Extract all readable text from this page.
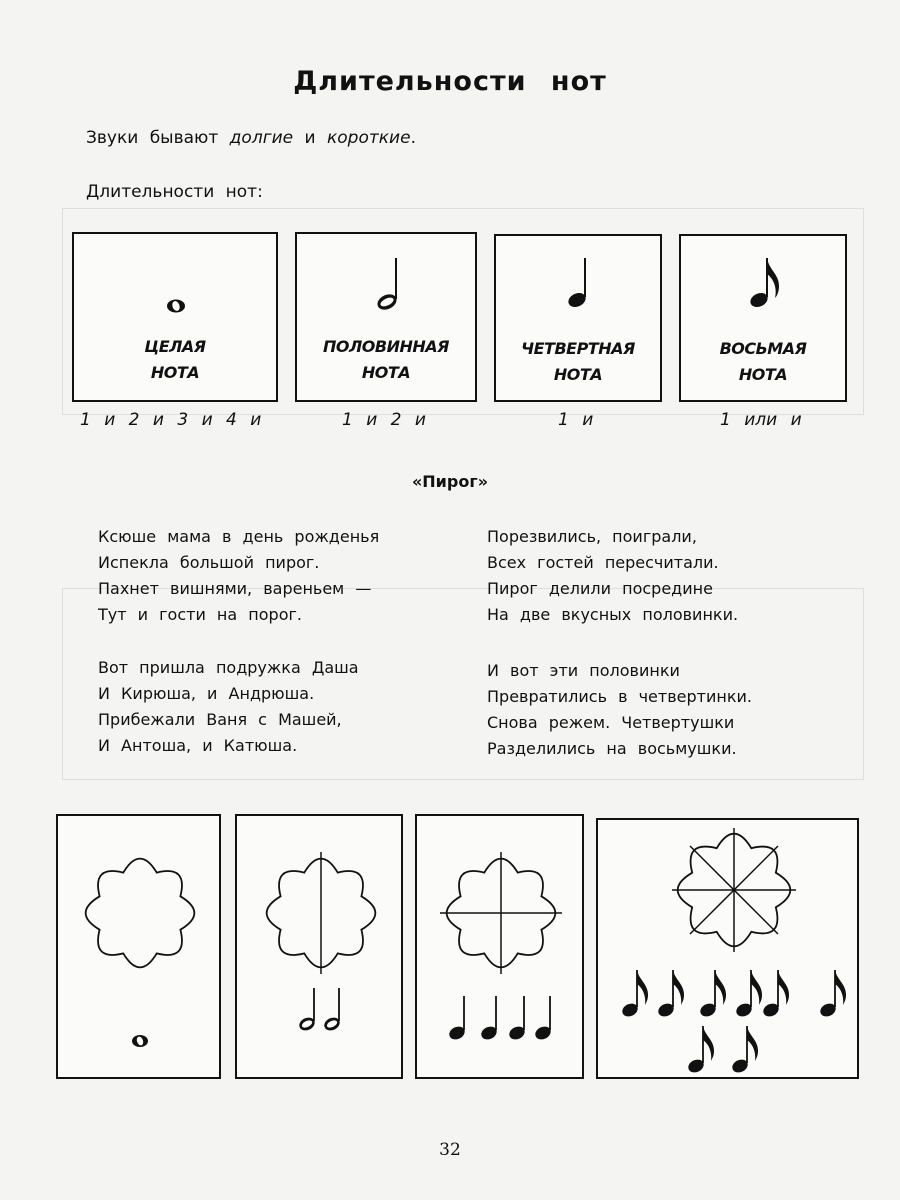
Длительности нот
Звуки бывают долгие и короткие.
Длительности нот:
ЦЕЛАЯ
НОТА
ПОЛОВИННАЯ
НОТА
ЧЕТВЕРТНАЯ
НОТА
ВОСЬМАЯ
НОТА
1 и 2 и 3 и 4 и	1 и 2 и	1 и	1 или и
«Пирог»
Ксюше мама в день рожденья
Испекла большой пирог.
Пахнет вишнями, вареньем —
Тут и гости на порог.
Вот пришла подружка Даша
И Кирюша, и Андрюша.
Прибежали Ваня с Машей,
И Антоша, и Катюша.
Порезвились, поиграли,
Всех гостей пересчитали.
Пирог делили посредине
На две вкусных половинки.
И вот эти половинки
Превратились в четвертинки.
Снова режем. Четвертушки
Разделились на восьмушки.
32
